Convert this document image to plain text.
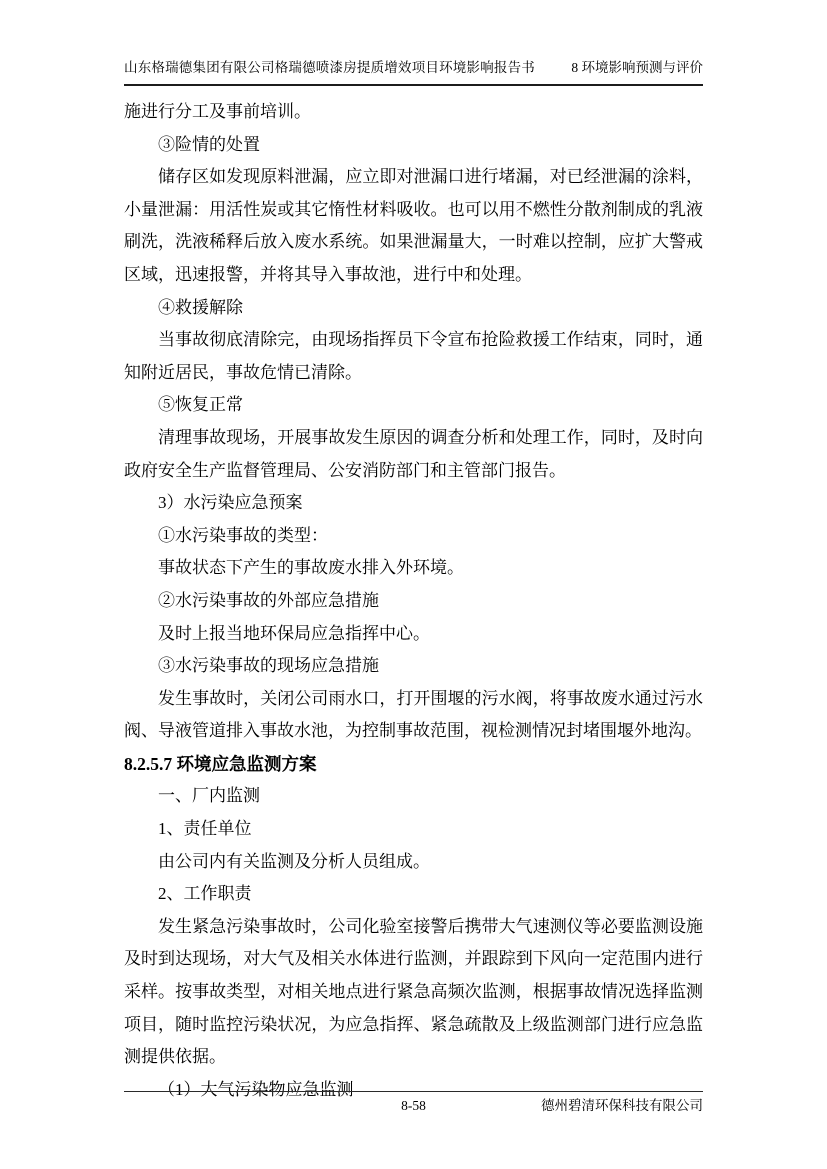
山东格瑞德集团有限公司格瑞德喷漆房提质增效项目环境影响报告书	8 环境影响预测与评价

施进行分工及事前培训。

③险情的处置

储存区如发现原料泄漏，应立即对泄漏口进行堵漏，对已经泄漏的涂料，小量泄漏：用活性炭或其它惰性材料吸收。也可以用不燃性分散剂制成的乳液刷洗，洗液稀释后放入废水系统。如果泄漏量大，一时难以控制，应扩大警戒区域，迅速报警，并将其导入事故池，进行中和处理。

④救援解除

当事故彻底清除完，由现场指挥员下令宣布抢险救援工作结束，同时，通知附近居民，事故危情已清除。

⑤恢复正常

清理事故现场，开展事故发生原因的调查分析和处理工作，同时，及时向政府安全生产监督管理局、公安消防部门和主管部门报告。

3）水污染应急预案

①水污染事故的类型：

事故状态下产生的事故废水排入外环境。

②水污染事故的外部应急措施

及时上报当地环保局应急指挥中心。

③水污染事故的现场应急措施

发生事故时，关闭公司雨水口，打开围堰的污水阀，将事故废水通过污水阀、导液管道排入事故水池，为控制事故范围，视检测情况封堵围堰外地沟。

8.2.5.7 环境应急监测方案

一、厂内监测

1、责任单位

由公司内有关监测及分析人员组成。

2、工作职责

发生紧急污染事故时，公司化验室接警后携带大气速测仪等必要监测设施及时到达现场，对大气及相关水体进行监测，并跟踪到下风向一定范围内进行采样。按事故类型，对相关地点进行紧急高频次监测，根据事故情况选择监测项目，随时监控污染状况，为应急指挥、紧急疏散及上级监测部门进行应急监测提供依据。

（1）大气污染物应急监测

8-58	德州碧清环保科技有限公司
